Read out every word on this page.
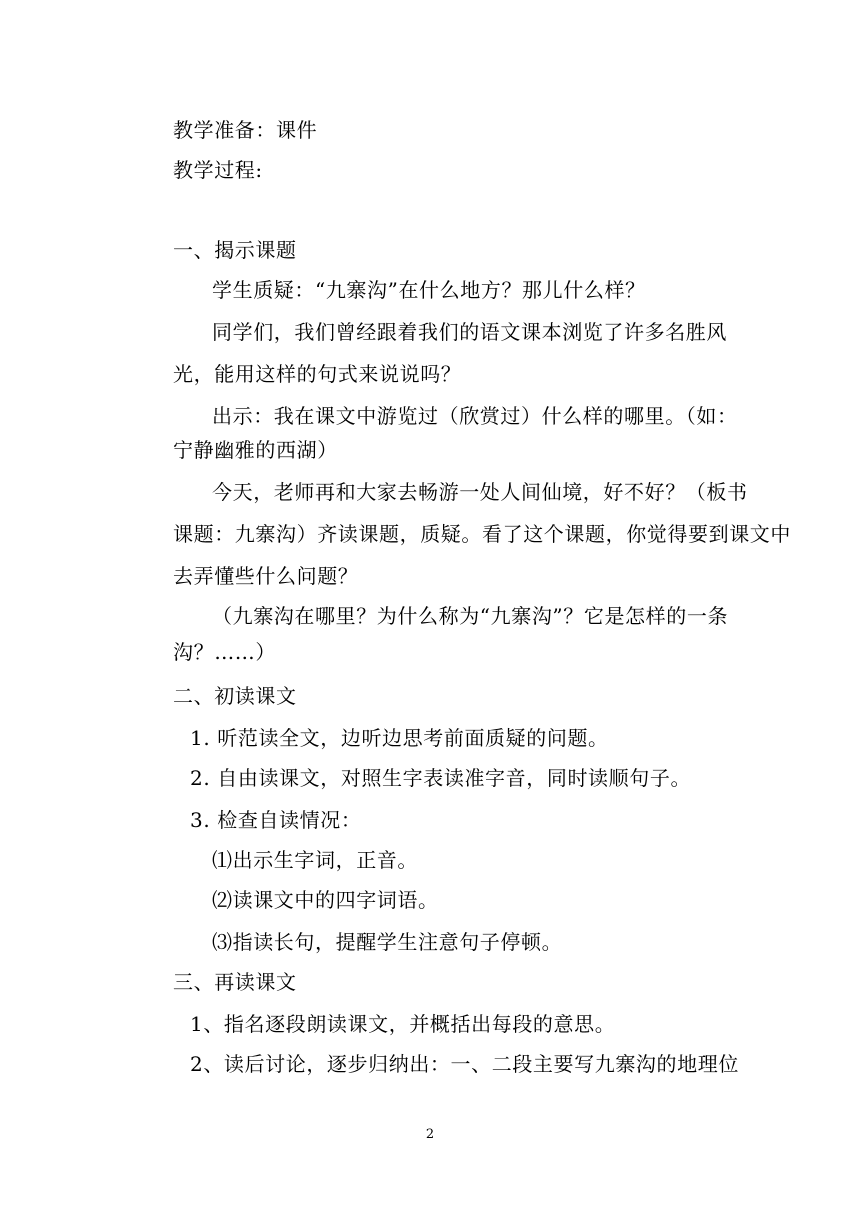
教学准备：课件
教学过程:
一、揭示课题
学生质疑：“九寨沟”在什么地方？那儿什么样？
同学们，我们曾经跟着我们的语文课本浏览了许多名胜风
光，能用这样的句式来说说吗？
出示：我在课文中游览过（欣赏过）什么样的哪里。（如：
宁静幽雅的西湖）
今天，老师再和大家去畅游一处人间仙境，好不好？（板书
课题：九寨沟）齐读课题，质疑。看了这个课题，你觉得要到课文中
去弄懂些什么问题？
（九寨沟在哪里？为什么称为“九寨沟”？它是怎样的一条
沟？……）
二、初读课文
1. 听范读全文，边听边思考前面质疑的问题。
2. 自由读课文，对照生字表读准字音，同时读顺句子。
3. 检查自读情况：
⑴出示生字词，正音。
⑵读课文中的四字词语。
⑶指读长句，提醒学生注意句子停顿。
三、再读课文
1、指名逐段朗读课文，并概括出每段的意思。
2、读后讨论，逐步归纳出：一、二段主要写九寨沟的地理位
2
